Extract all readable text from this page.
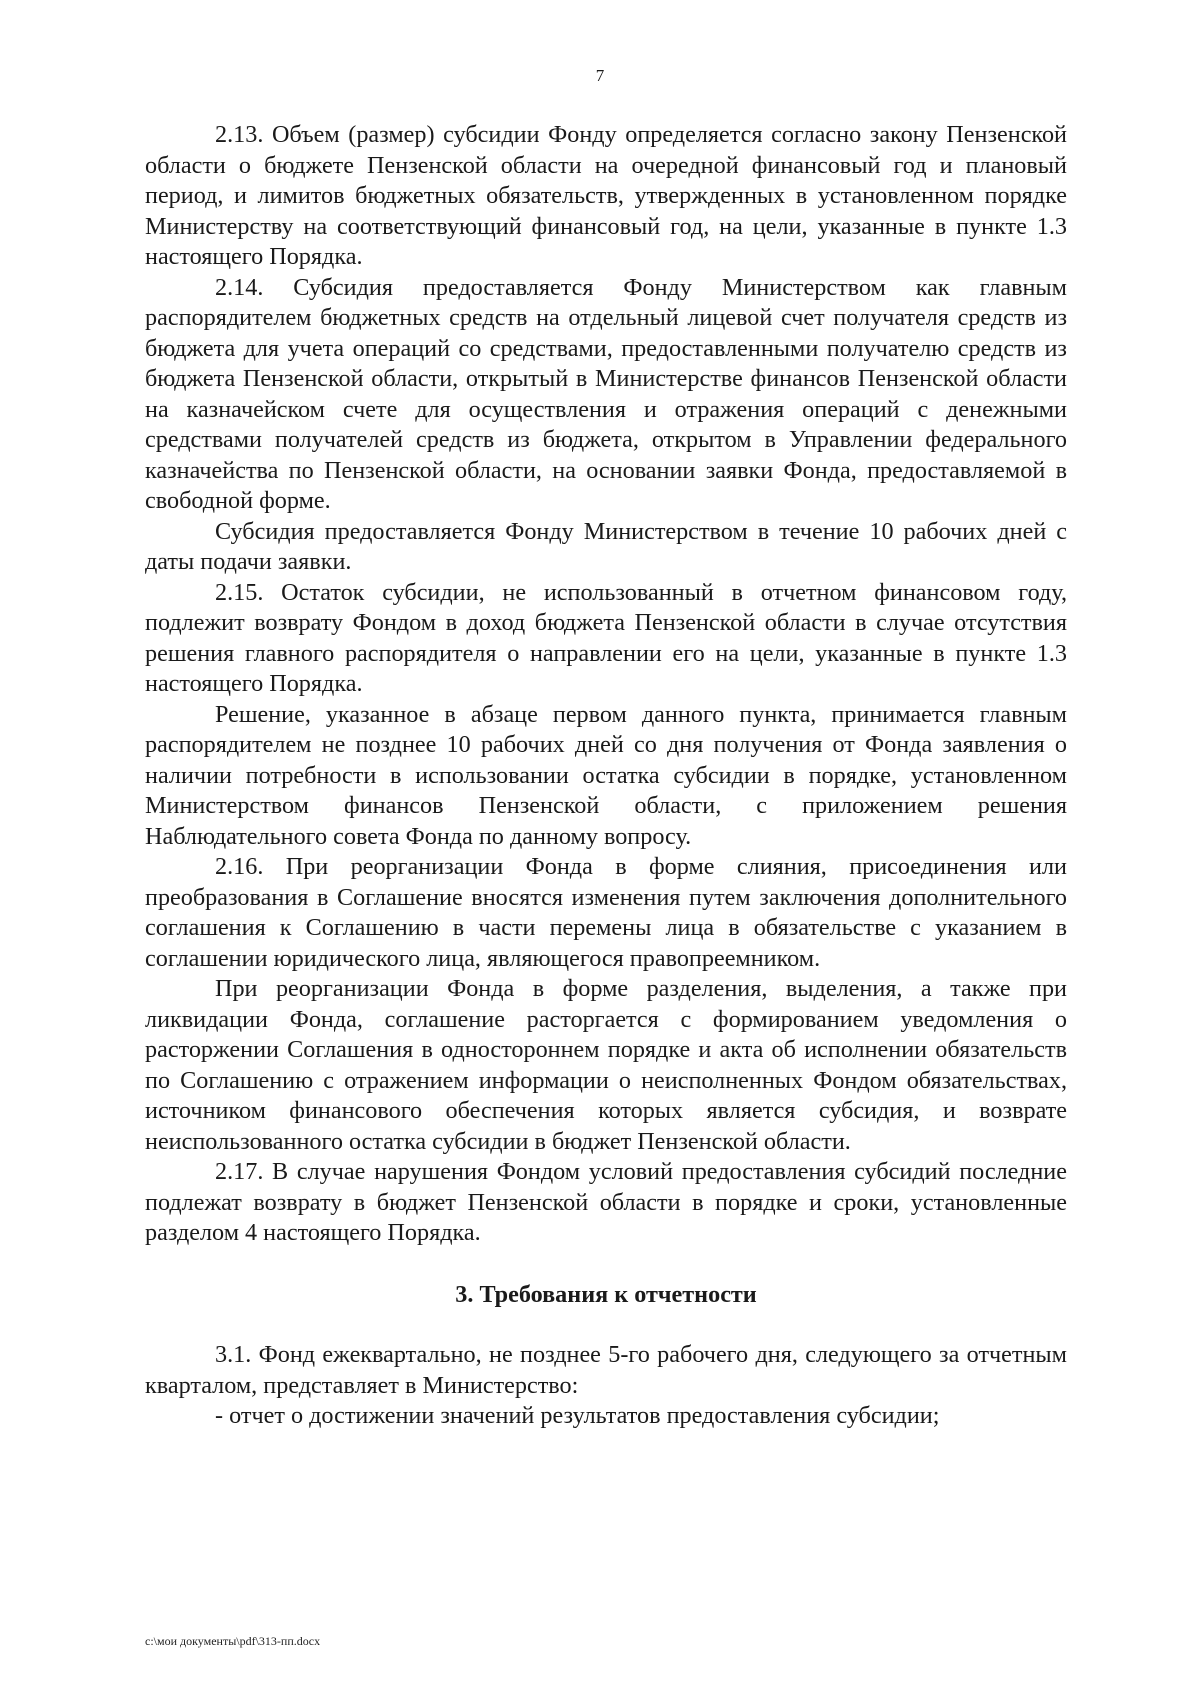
7

2.13. Объем (размер) субсидии Фонду определяется согласно закону Пензенской области о бюджете Пензенской области на очередной финансовый год и плановый период, и лимитов бюджетных обязательств, утвержденных в установленном порядке Министерству на соответствующий финансовый год, на цели, указанные в пункте 1.3 настоящего Порядка.

2.14. Субсидия предоставляется Фонду Министерством как главным распорядителем бюджетных средств на отдельный лицевой счет получателя средств из бюджета для учета операций со средствами, предоставленными получателю средств из бюджета Пензенской области, открытый в Министерстве финансов Пензенской области на казначейском счете для осуществления и отражения операций с денежными средствами получателей средств из бюджета, открытом в Управлении федерального казначейства по Пензенской области, на основании заявки Фонда, предоставляемой в свободной форме.

Субсидия предоставляется Фонду Министерством в течение 10 рабочих дней с даты подачи заявки.

2.15. Остаток субсидии, не использованный в отчетном финансовом году, подлежит возврату Фондом в доход бюджета Пензенской области в случае отсутствия решения главного распорядителя о направлении его на цели, указанные в пункте 1.3 настоящего Порядка.

Решение, указанное в абзаце первом данного пункта, принимается главным распорядителем не позднее 10 рабочих дней со дня получения от Фонда заявления о наличии потребности в использовании остатка субсидии в порядке, установленном Министерством финансов Пензенской области, с приложением решения Наблюдательного совета Фонда по данному вопросу.

2.16. При реорганизации Фонда в форме слияния, присоединения или преобразования в Соглашение вносятся изменения путем заключения дополнительного соглашения к Соглашению в части перемены лица в обязательстве с указанием в соглашении юридического лица, являющегося правопреемником.

При реорганизации Фонда в форме разделения, выделения, а также при ликвидации Фонда, соглашение расторгается с формированием уведомления о расторжении Соглашения в одностороннем порядке и акта об исполнении обязательств по Соглашению с отражением информации о неисполненных Фондом обязательствах, источником финансового обеспечения которых является субсидия, и возврате неиспользованного остатка субсидии в бюджет Пензенской области.

2.17. В случае нарушения Фондом условий предоставления субсидий последние подлежат возврату в бюджет Пензенской области в порядке и сроки, установленные разделом 4 настоящего Порядка.

3. Требования к отчетности

3.1. Фонд ежеквартально, не позднее 5-го рабочего дня, следующего за отчетным кварталом, представляет в Министерство:

- отчет о достижении значений результатов предоставления субсидии;

c:\мои документы\pdf\313-пп.docx
